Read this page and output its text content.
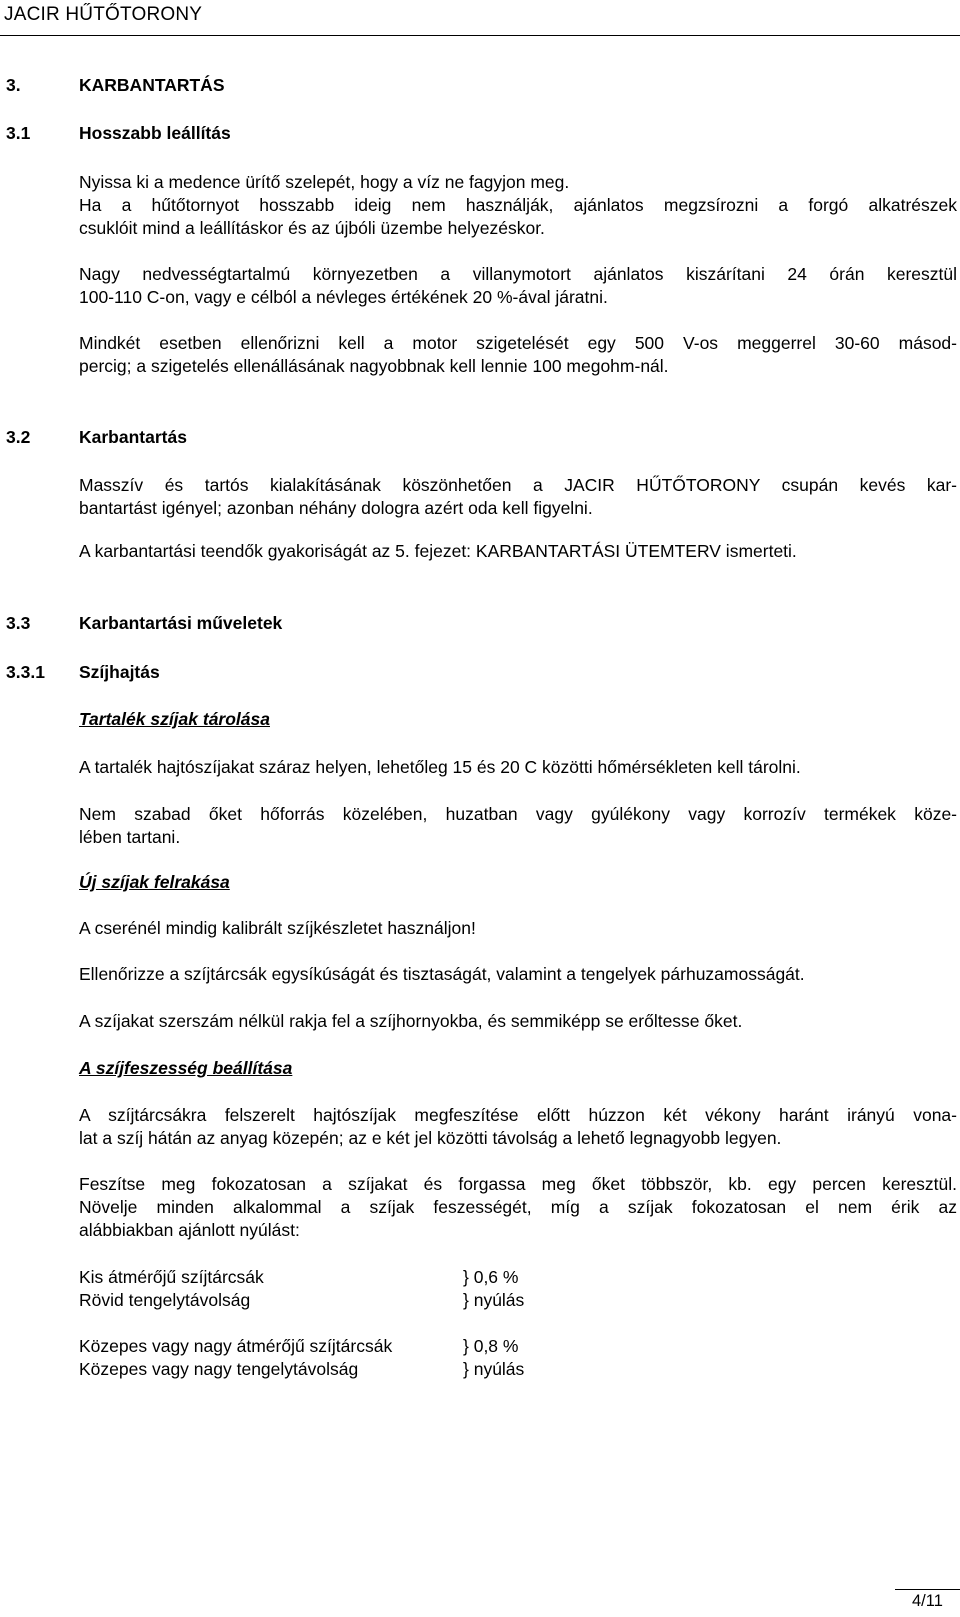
JACIR HŰTŐTORONY
3.	KARBANTARTÁS
3.1	Hosszabb leállítás
Nyissa ki a medence ürítő szelepét, hogy a víz ne fagyjon meg.
Ha a hűtőtornyot hosszabb ideig nem használják, ajánlatos megzsírozni a forgó alkatrészek
csuklóit mind a leállításkor és az újbóli üzembe helyezéskor.
Nagy nedvességtartalmú környezetben a villanymotort ajánlatos kiszárítani 24 órán keresztül
100-110 C-on, vagy e célból a névleges értékének 20 %-ával járatni.
Mindkét esetben ellenőrizni kell a motor szigetelését egy 500 V-os meggerrel 30-60 másod-
percig; a szigetelés ellenállásának nagyobbnak kell lennie 100 megohm-nál.
3.2	Karbantartás
Masszív és tartós kialakításának köszönhetően a JACIR HŰTŐTORONY csupán kevés kar-
bantartást igényel; azonban néhány dologra azért oda kell figyelni.
A karbantartási teendők gyakoriságát az 5. fejezet: KARBANTARTÁSI ÜTEMTERV ismerteti.
3.3	Karbantartási műveletek
3.3.1 Szíjhajtás
Tartalék szíjak tárolása
A tartalék hajtószíjakat száraz helyen, lehetőleg 15 és 20 C közötti hőmérsékleten kell tárolni.
Nem szabad őket hőforrás közelében, huzatban vagy gyúlékony vagy korrozív termékek köze-
lében tartani.
Új szíjak felrakása
A cserénél mindig kalibrált szíjkészletet használjon!
Ellenőrizze a szíjtárcsák egysíkúságát és tisztaságát, valamint a tengelyek párhuzamosságát.
A szíjakat szerszám nélkül rakja fel a szíjhornyokba, és semmiképp se erőltesse őket.
A szíjfeszesség beállítása
A szíjtárcsákra felszerelt hajtószíjak megfeszítése előtt húzzon két vékony haránt irányú vona-
lat a szíj hátán az anyag közepén; az e két jel közötti távolság a lehető legnagyobb legyen.
Feszítse meg fokozatosan a szíjakat és forgassa meg őket többször, kb. egy percen keresztül.
Növelje minden alkalommal a szíjak feszességét, míg a szíjak fokozatosan el nem érik az
alábbiakban ajánlott nyúlást:
Kis átmérőjű szíjtárcsák	} 0,6 %
Rövid tengelytávolság	} nyúlás
Közepes vagy nagy átmérőjű szíjtárcsák	} 0,8 %
Közepes vagy nagy tengelytávolság	} nyúlás
4/11
